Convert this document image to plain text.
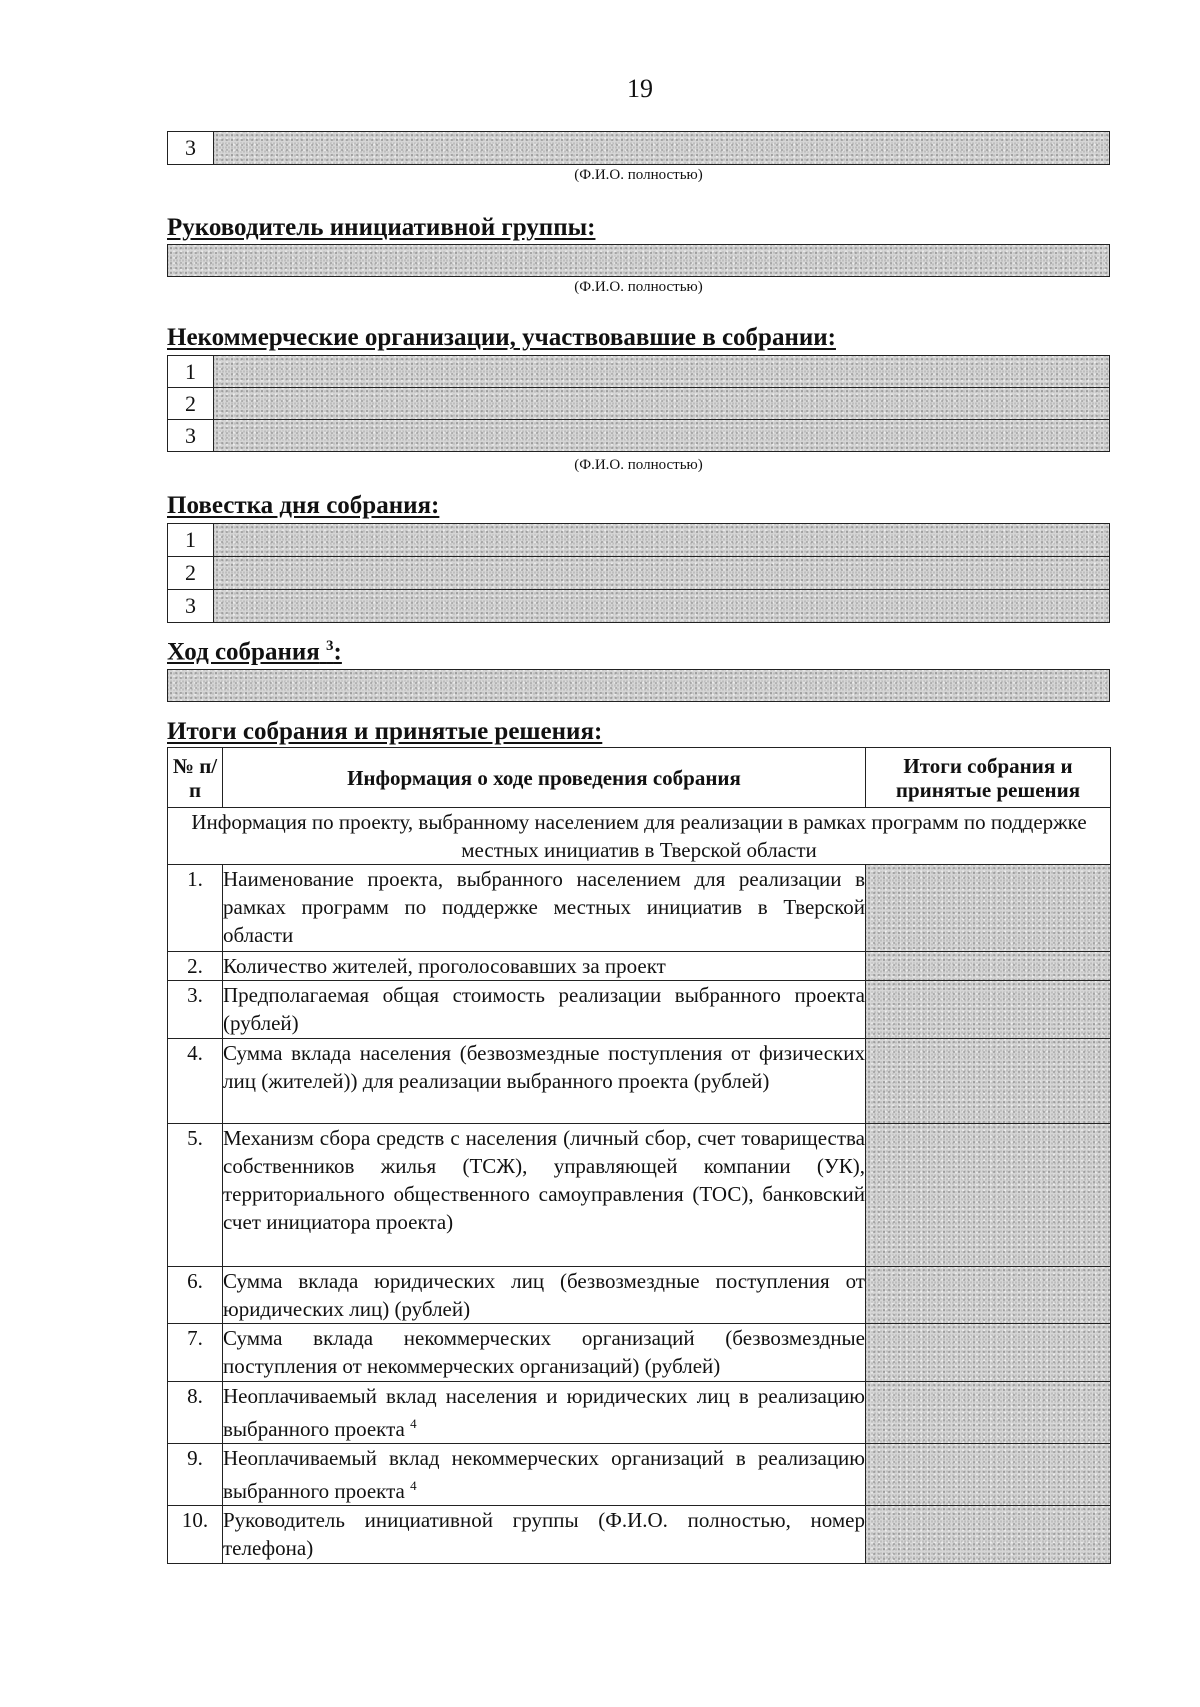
19
3	
(Ф.И.О. полностью)
Руководитель инициативной группы:
(Ф.И.О. полностью)
Некоммерческие организации, участвовавшие в собрании:
1	
2	
3	
(Ф.И.О. полностью)
Повестка дня собрания:
1	
2	
3	
Ход собрания $^3$:
Итоги собрания и принятые решения:
№ п/п	Информация о ходе проведения собрания	Итоги собрания и принятые решения
Информация по проекту, выбранному населением для реализации в рамках программ по поддержке местных инициатив в Тверской области		
1.	Наименование проекта, выбранного населением для реализации в рамках программ по поддержке местных инициатив в Тверской области	
2.	Количество жителей, проголосовавших за проект	
3.	Предполагаемая общая стоимость реализации выбранного проекта (рублей)	
4.	Сумма вклада населения (безвозмездные поступления от физических лиц (жителей)) для реализации выбранного проекта (рублей)	
5.	Механизм сбора средств с населения (личный сбор, счет товарищества собственников жилья (ТСЖ), управляющей компании (УК), территориального общественного самоуправления (ТОС), банковский счет инициатора проекта)	
6.	Сумма вклада юридических лиц (безвозмездные поступления от юридических лиц) (рублей)	
7.	Сумма вклада некоммерческих организаций (безвозмездные поступления от некоммерческих организаций) (рублей)	
8.	Неоплачиваемый вклад населения и юридических лиц в реализацию выбранного проекта $^4$	
9.	Неоплачиваемый вклад некоммерческих организаций в реализацию выбранного проекта $^4$	
10.	Руководитель инициативной группы (Ф.И.О. полностью, номер телефона)	
